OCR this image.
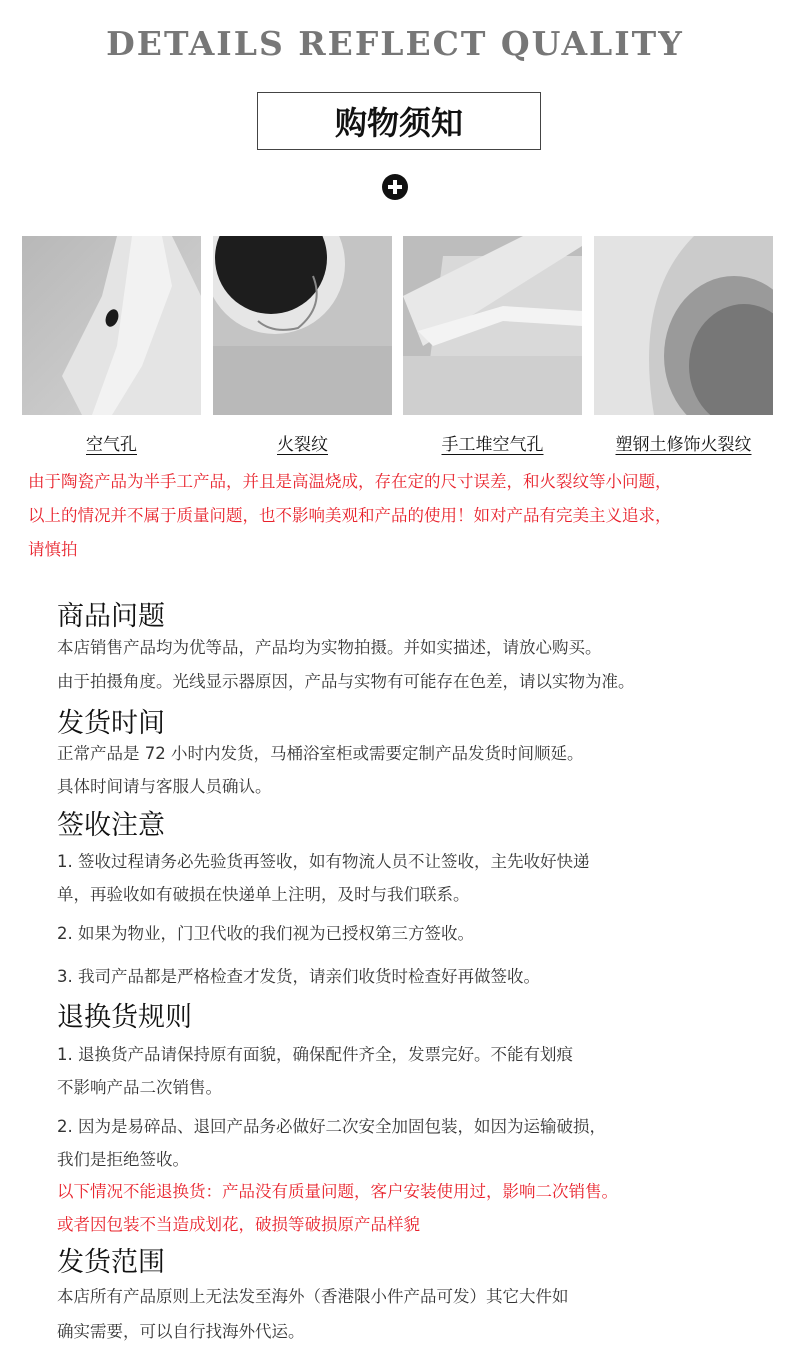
DETAILS REFLECT QUALITY
购物须知
空气孔	火裂纹	手工堆空气孔	塑钢土修饰火裂纹
由于陶瓷产品为半手工产品，并且是高温烧成，存在定的尺寸误差，和火裂纹等小问题，
以上的情况并不属于质量问题，也不影响美观和产品的使用！如对产品有完美主义追求，
请慎拍
商品问题
本店销售产品均为优等品，产品均为实物拍摄。并如实描述，请放心购买。
由于拍摄角度。光线显示器原因，产品与实物有可能存在色差，请以实物为准。
发货时间
正常产品是 72 小时内发货，马桶浴室柜或需要定制产品发货时间顺延。
具体时间请与客服人员确认。
签收注意
1. 签收过程请务必先验货再签收，如有物流人员不让签收，主先收好快递
单，再验收如有破损在快递单上注明，及时与我们联系。
2. 如果为物业，门卫代收的我们视为已授权第三方签收。
3. 我司产品都是严格检查才发货，请亲们收货时检查好再做签收。
退换货规则
1. 退换货产品请保持原有面貌，确保配件齐全，发票完好。不能有划痕
不影响产品二次销售。
2. 因为是易碎品、退回产品务必做好二次安全加固包装，如因为运输破损，
我们是拒绝签收。
以下情况不能退换货：产品没有质量问题，客户安装使用过，影响二次销售。
或者因包装不当造成划花，破损等破损原产品样貌
发货范围
本店所有产品原则上无法发至海外（香港限小件产品可发）其它大件如
确实需要，可以自行找海外代运。
